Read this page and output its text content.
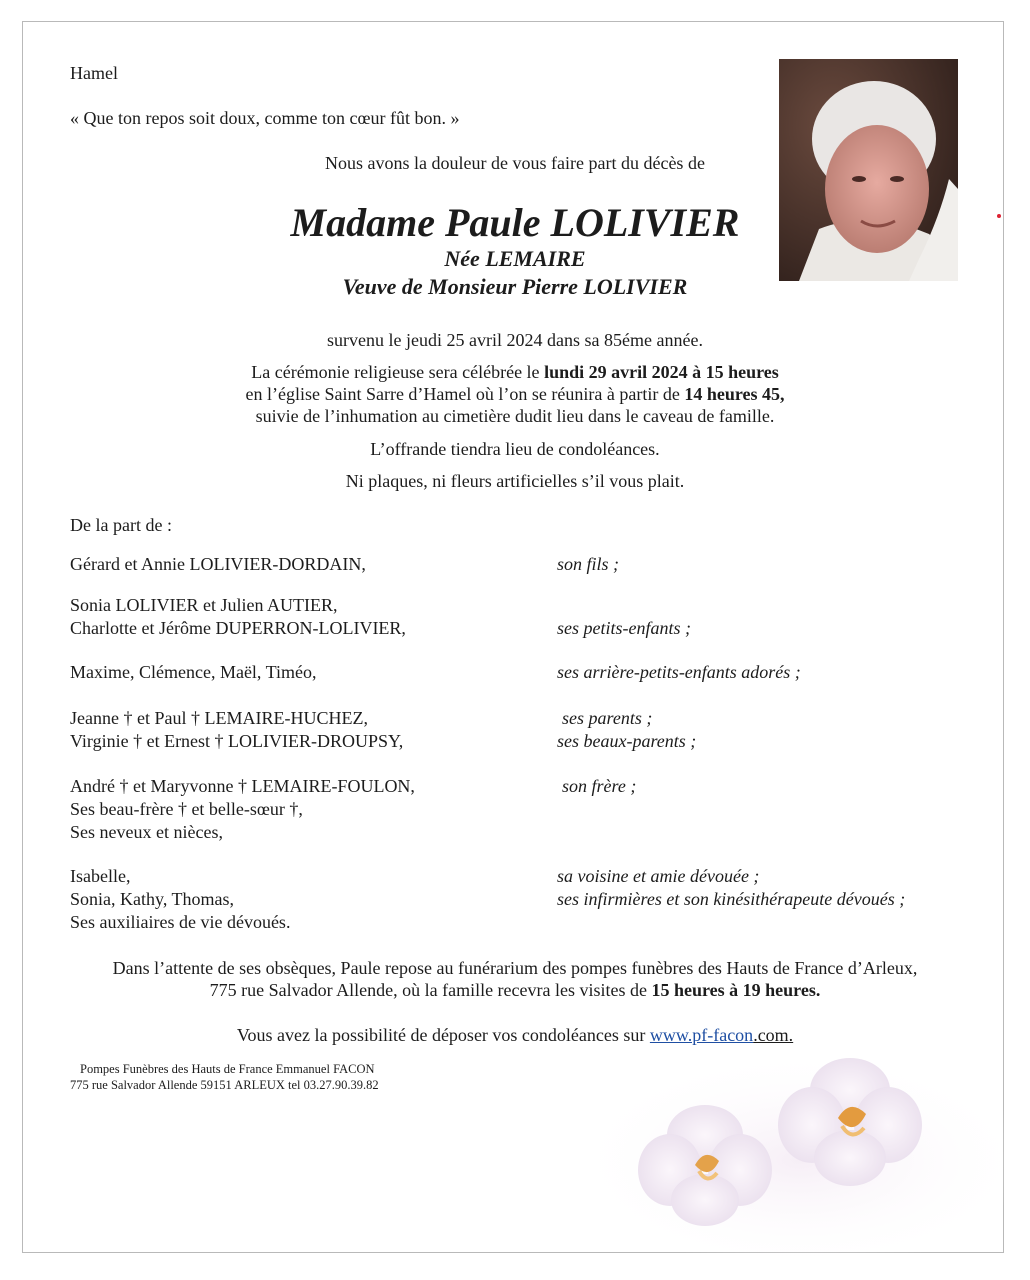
Hamel
« Que ton repos soit doux, comme ton cœur fût bon. »
Nous avons la douleur de vous faire part du décès de
Madame Paule LOLIVIER
Née LEMAIRE
Veuve de Monsieur Pierre LOLIVIER
survenu le jeudi 25 avril 2024 dans sa 85éme année.
La cérémonie religieuse sera célébrée le lundi 29 avril 2024 à 15 heures
en l’église Saint Sarre d’Hamel où l’on se réunira à partir de 14 heures 45,
suivie de l’inhumation au cimetière dudit lieu dans le caveau de famille.
L’offrande tiendra lieu de condoléances.
Ni plaques, ni fleurs artificielles s’il vous plait.
De la part de :
Gérard et Annie LOLIVIER-DORDAIN,	son fils ;
Sonia LOLIVIER et Julien AUTIER,
Charlotte et Jérôme DUPERRON-LOLIVIER,	ses petits-enfants ;
Maxime, Clémence, Maël, Timéo,	ses arrière-petits-enfants adorés ;
Jeanne † et Paul † LEMAIRE-HUCHEZ,	ses parents ;
Virginie † et Ernest † LOLIVIER-DROUPSY,	ses beaux-parents ;
André † et Maryvonne † LEMAIRE-FOULON,	son frère ;
Ses beau-frère † et belle-sœur †,
Ses neveux et nièces,
Isabelle,	sa voisine et amie dévouée ;
Sonia, Kathy, Thomas,	ses infirmières et son kinésithérapeute dévoués ;
Ses auxiliaires de vie dévoués.
Dans l’attente de ses obsèques, Paule repose au funérarium des pompes funèbres des Hauts de France d’Arleux,
775 rue Salvador Allende, où la famille recevra les visites de 15 heures à 19 heures.
Vous avez la possibilité de déposer vos condoléances sur www.pf-facon.com.
Pompes Funèbres des Hauts de France Emmanuel FACON
775 rue Salvador Allende 59151 ARLEUX tel 03.27.90.39.82
